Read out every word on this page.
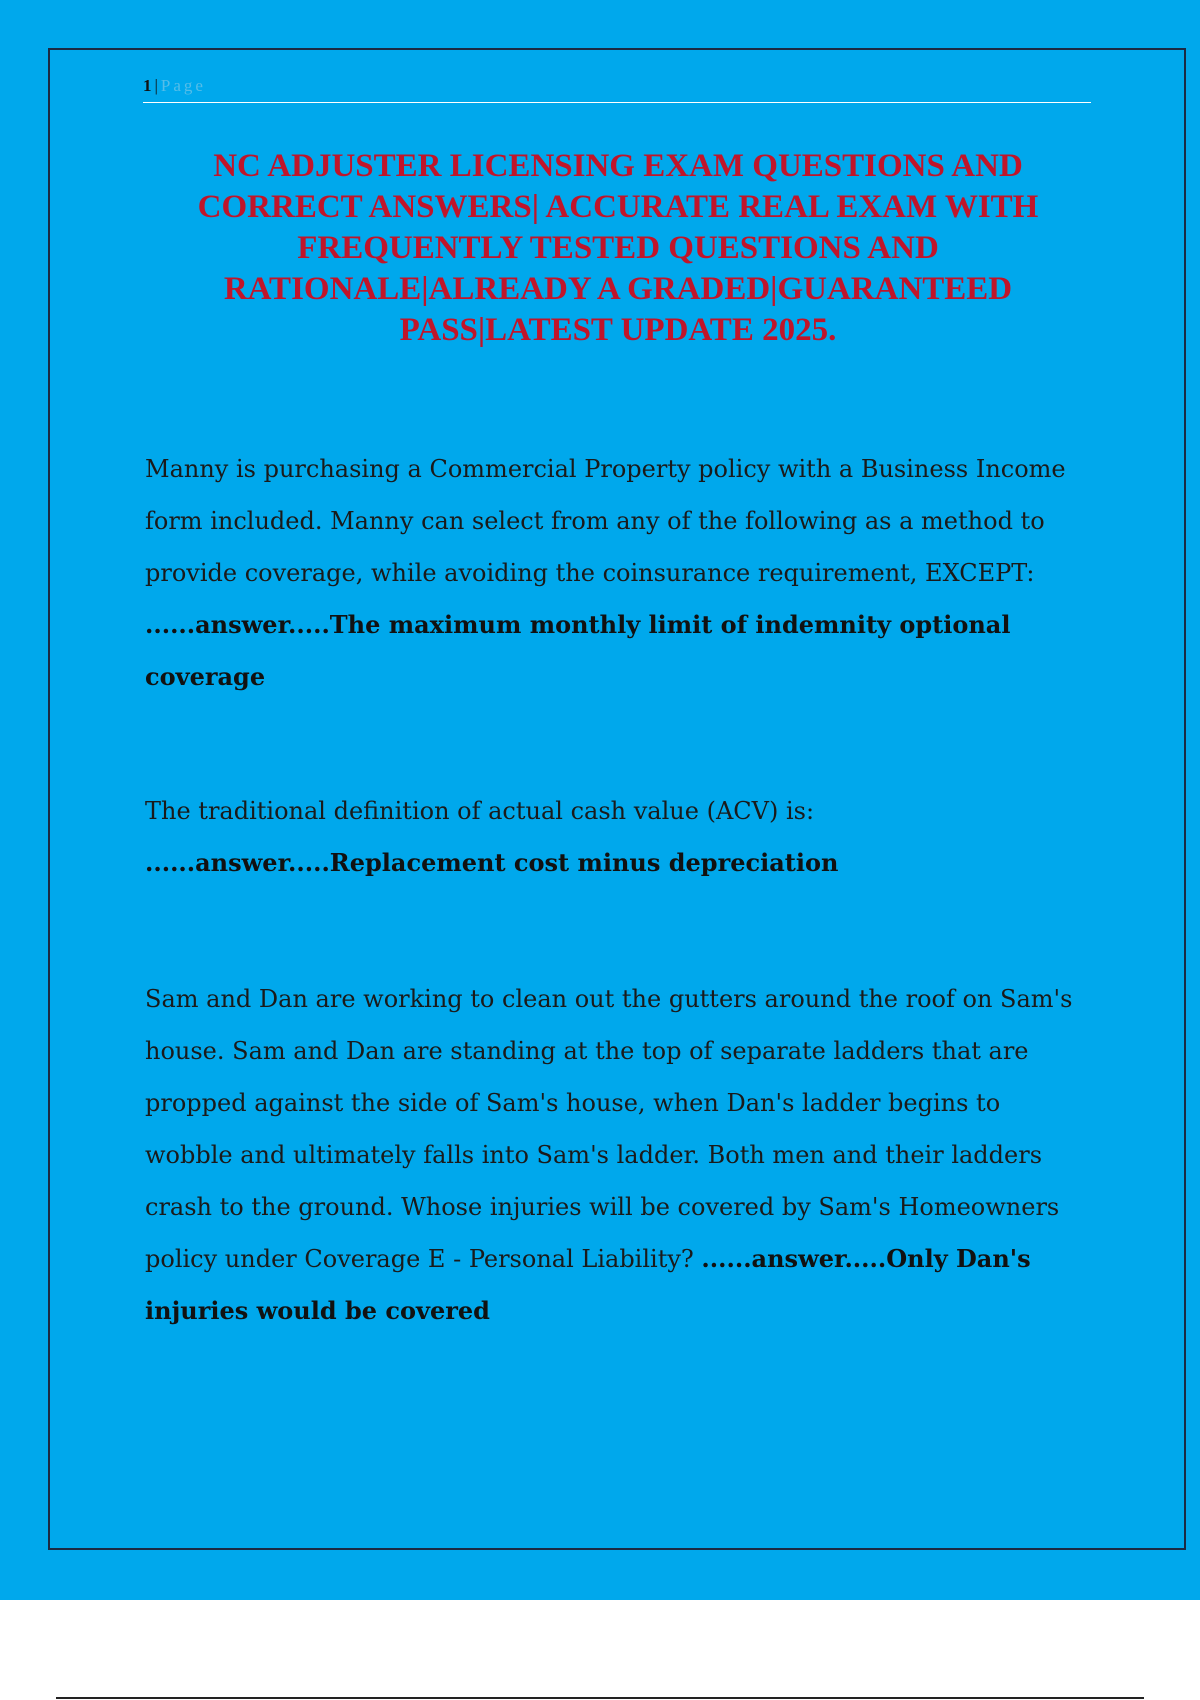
1 | Page
NC ADJUSTER LICENSING EXAM QUESTIONS AND CORRECT ANSWERS| ACCURATE REAL EXAM WITH FREQUENTLY TESTED QUESTIONS AND RATIONALE|ALREADY A GRADED|GUARANTEED PASS|LATEST UPDATE 2025.

Manny is purchasing a Commercial Property policy with a Business Income form included. Manny can select from any of the following as a method to provide coverage, while avoiding the coinsurance requirement, EXCEPT: ......answer.....The maximum monthly limit of indemnity optional coverage

The traditional definition of actual cash value (ACV) is: ......answer.....Replacement cost minus depreciation

Sam and Dan are working to clean out the gutters around the roof on Sam's house. Sam and Dan are standing at the top of separate ladders that are propped against the side of Sam's house, when Dan's ladder begins to wobble and ultimately falls into Sam's ladder. Both men and their ladders crash to the ground. Whose injuries will be covered by Sam's Homeowners policy under Coverage E - Personal Liability? ......answer.....Only Dan's injuries would be covered
